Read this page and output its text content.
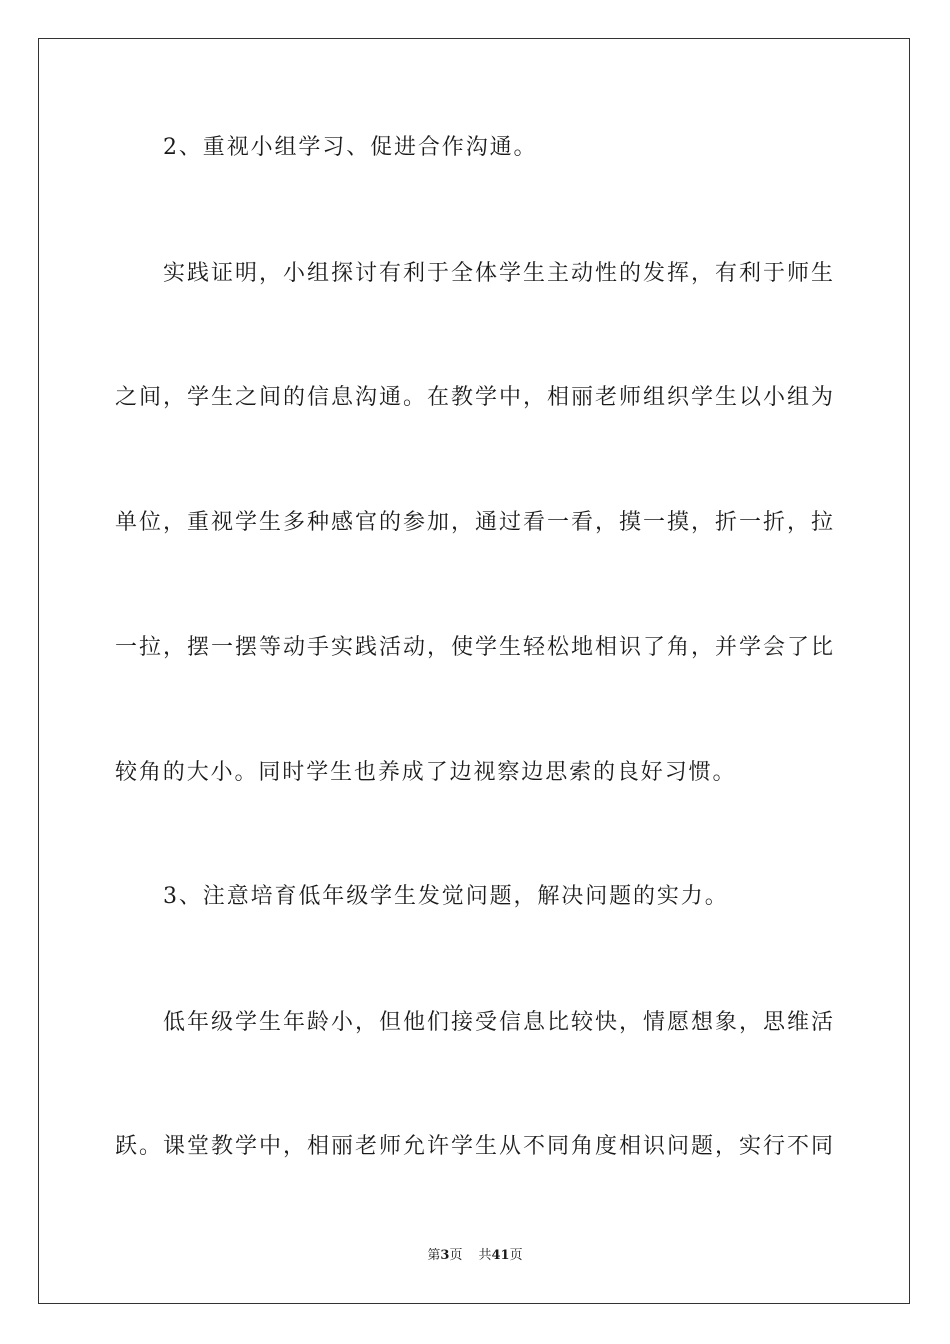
2、重视小组学习、促进合作沟通。
实践证明，小组探讨有利于全体学生主动性的发挥，有利于师生
之间，学生之间的信息沟通。在教学中，相丽老师组织学生以小组为
单位，重视学生多种感官的参加，通过看一看，摸一摸，折一折，拉
一拉，摆一摆等动手实践活动，使学生轻松地相识了角，并学会了比
较角的大小。同时学生也养成了边视察边思索的良好习惯。
3、注意培育低年级学生发觉问题，解决问题的实力。
低年级学生年龄小，但他们接受信息比较快，情愿想象，思维活
跃。课堂教学中，相丽老师允许学生从不同角度相识问题，实行不同
第3页 共41页
